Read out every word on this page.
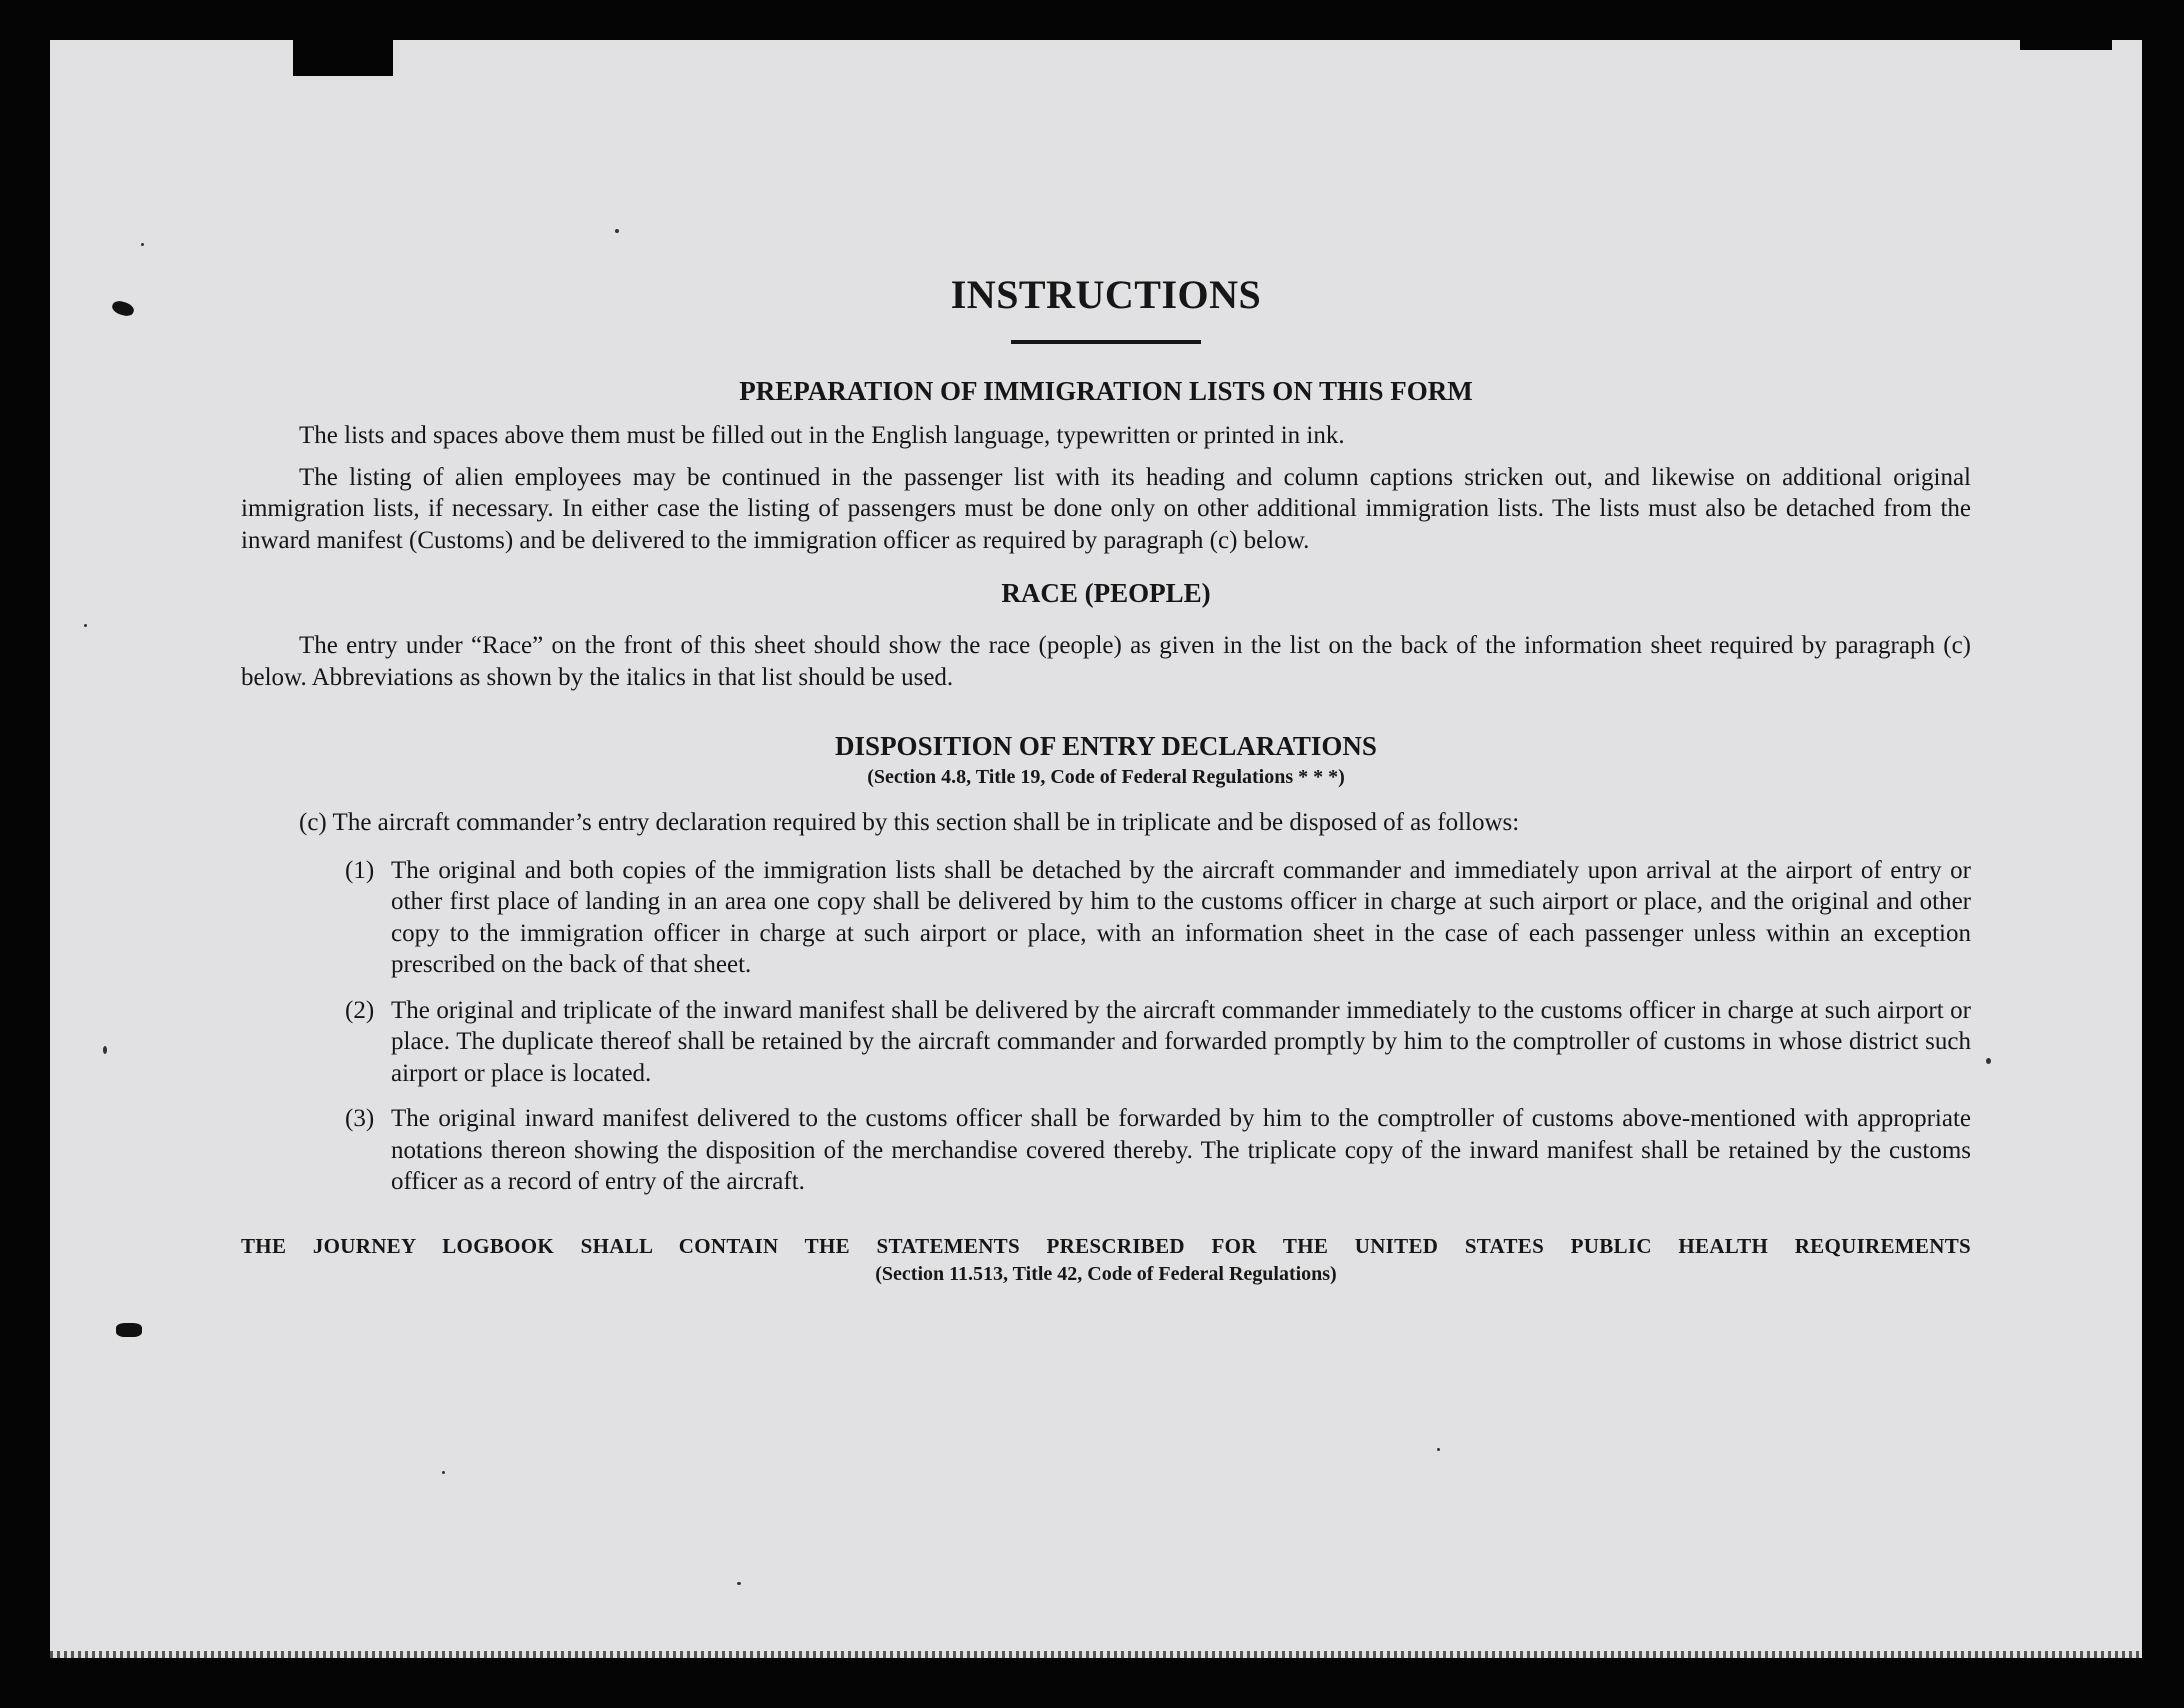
INSTRUCTIONS
PREPARATION OF IMMIGRATION LISTS ON THIS FORM

The lists and spaces above them must be filled out in the English language, typewritten or printed in ink.

The listing of alien employees may be continued in the passenger list with its heading and column captions stricken out, and likewise on additional original immigration lists, if necessary. In either case the listing of passengers must be done only on other additional immigration lists. The lists must also be detached from the inward manifest (Customs) and be delivered to the immigration officer as required by paragraph (c) below.

RACE (PEOPLE)

The entry under “Race” on the front of this sheet should show the race (people) as given in the list on the back of the information sheet required by paragraph (c) below. Abbreviations as shown by the italics in that list should be used.

DISPOSITION OF ENTRY DECLARATIONS

(Section 4.8, Title 19, Code of Federal Regulations * * *)

(c) The aircraft commander’s entry declaration required by this section shall be in triplicate and be disposed of as follows:

(1) The original and both copies of the immigration lists shall be detached by the aircraft commander and immediately upon arrival at the airport of entry or other first place of landing in an area one copy shall be delivered by him to the customs officer in charge at such airport or place, and the original and other copy to the immigration officer in charge at such airport or place, with an information sheet in the case of each passenger unless within an exception prescribed on the back of that sheet.
(2) The original and triplicate of the inward manifest shall be delivered by the aircraft commander immediately to the customs officer in charge at such airport or place. The duplicate thereof shall be retained by the aircraft commander and forwarded promptly by him to the comptroller of customs in whose district such airport or place is located.
(3) The original inward manifest delivered to the customs officer shall be forwarded by him to the comptroller of customs above-mentioned with appropriate notations thereon showing the disposition of the merchandise covered thereby. The triplicate copy of the inward manifest shall be retained by the customs officer as a record of entry of the aircraft.

THE JOURNEY LOGBOOK SHALL CONTAIN THE STATEMENTS PRESCRIBED FOR THE UNITED STATES PUBLIC HEALTH REQUIREMENTS

(Section 11.513, Title 42, Code of Federal Regulations)
